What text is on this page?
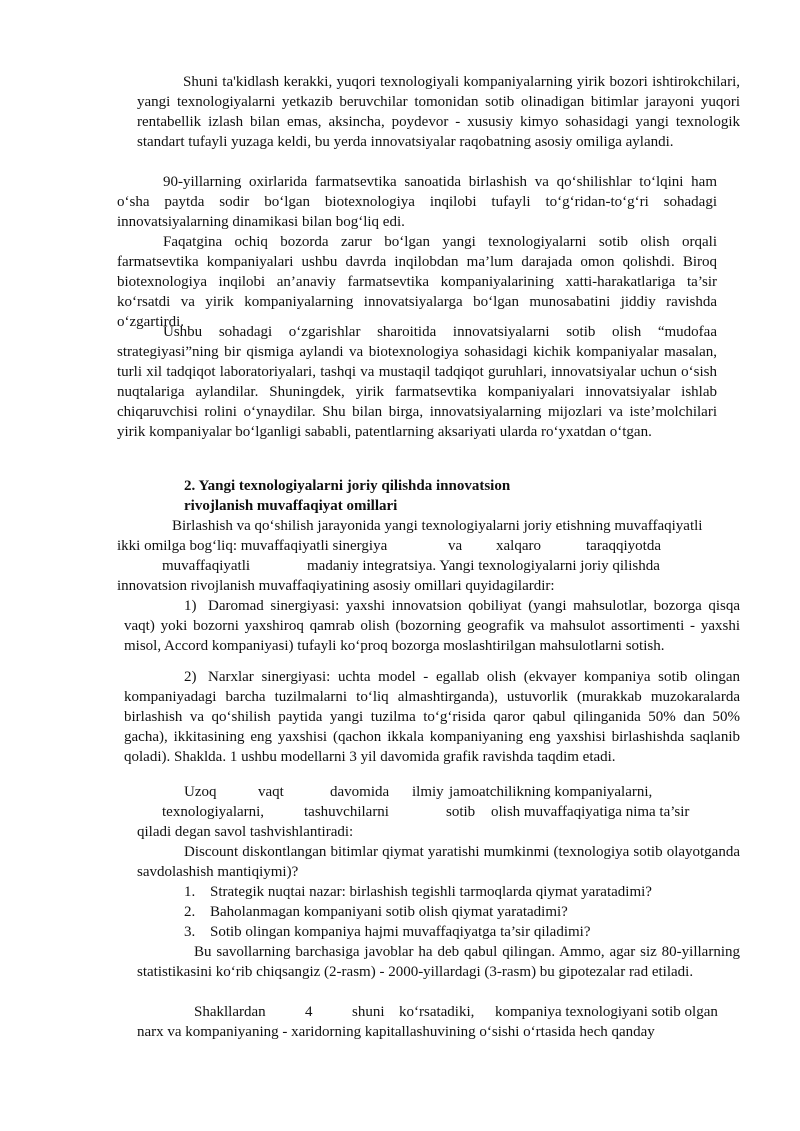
Shuni ta'kidlash kerakki, yuqori texnologiyali kompaniyalarning yirik bozori ishtirokchilari, yangi texnologiyalarni yetkazib beruvchilar tomonidan sotib olinadigan bitimlar jarayoni yuqori rentabellik izlash bilan emas, aksincha, poydevor - xususiy kimyo sohasidagi yangi texnologik standart tufayli yuzaga keldi, bu yerda innovatsiyalar raqobatning asosiy omiliga aylandi.

90-yillarning oxirlarida farmatsevtika sanoatida birlashish va qo‘shilishlar to‘lqini ham o‘sha paytda sodir bo‘lgan biotexnologiya inqilobi tufayli to‘g‘ridan-to‘g‘ri sohadagi innovatsiyalarning dinamikasi bilan bog‘liq edi.

Faqatgina ochiq bozorda zarur bo‘lgan yangi texnologiyalarni sotib olish orqali farmatsevtika kompaniyalari ushbu davrda inqilobdan ma’lum darajada omon qolishdi. Biroq biotexnologiya inqilobi an’anaviy farmatsevtika kompaniyalarining xatti-harakatlariga ta’sir ko‘rsatdi va yirik kompaniyalarning innovatsiyalarga bo‘lgan munosabatini jiddiy ravishda o‘zgartirdi.

Ushbu sohadagi o‘zgarishlar sharoitida innovatsiyalarni sotib olish “mudofaa strategiyasi”ning bir qismiga aylandi va biotexnologiya sohasidagi kichik kompaniyalar masalan, turli xil tadqiqot laboratoriyalari, tashqi va mustaqil tadqiqot guruhlari, innovatsiyalar uchun o‘sish nuqtalariga aylandilar. Shuningdek, yirik farmatsevtika kompaniyalari innovatsiyalar ishlab chiqaruvchisi rolini o‘ynaydilar. Shu bilan birga, innovatsiyalarning mijozlari va iste’molchilari yirik kompaniyalar bo‘lganligi sababli, patentlarning aksariyati ularda ro‘yxatdan o‘tgan.

2. Yangi texnologiyalarni joriy qilishda innovatsion
rivojlanish muvaffaqiyat omillari
Birlashish va qo‘shilish jarayonida yangi texnologiyalarni joriy etishning muvaffaqiyatli
ikki omilga bog‘liq: muvaffaqiyatli sinergiya	va xalqaro	taraqqiyotda
muvaffaqiyatli	madaniy integratsiya. Yangi texnologiyalarni joriy qilishda
innovatsion rivojlanish muvaffaqiyatining asosiy omillari quyidagilardir:
1) Daromad sinergiyasi: yaxshi innovatsion qobiliyat (yangi mahsulotlar, bozorga qisqa vaqt) yoki bozorni yaxshiroq qamrab olish (bozorning geografik va mahsulot assortimenti - yaxshi misol, Accord kompaniyasi) tufayli ko‘proq bozorga moslashtirilgan mahsulotlarni sotish.

2) Narxlar sinergiyasi: uchta model - egallab olish (ekvayer kompaniya sotib olingan kompaniyadagi barcha tuzilmalarni to‘liq almashtirganda), ustuvorlik (murakkab muzokaralarda birlashish va qo‘shilish paytida yangi tuzilma to‘g‘risida qaror qabul qilinganida 50% dan 50% gacha), ikkitasining eng yaxshisi (qachon ikkala kompaniyaning eng yaxshisi birlashishda saqlanib qoladi). Shaklda. 1 ushbu modellarni 3 yil davomida grafik ravishda taqdim etadi.

Uzoq	vaqt	davomida ilmiy jamoatchilikning kompaniyalarni,
texnologiyalarni,	tashuvchilarni	sotib olish muvaffaqiyatiga nima ta’sir
qiladi degan savol tashvishlantiradi:

Discount diskontlangan bitimlar qiymat yaratishi mumkinmi (texnologiya sotib olayotganda savdolashish mantiqiymi)?

1. Strategik nuqtai nazar: birlashish tegishli tarmoqlarda qiymat yaratadimi?
2. Baholanmagan kompaniyani sotib olish qiymat yaratadimi?
3. Sotib olingan kompaniya hajmi muvaffaqiyatga ta’sir qiladimi?

Bu savollarning barchasiga javoblar ha deb qabul qilingan. Ammo, agar siz 80-yillarning statistikasini ko‘rib chiqsangiz (2-rasm) - 2000-yillardagi (3-rasm) bu gipotezalar rad etiladi.

Shakllardan	4	shuni ko‘rsatadiki, kompaniya texnologiyani sotib olgan
narx va kompaniyaning - xaridorning kapitallashuvining o‘sishi o‘rtasida hech qanday
